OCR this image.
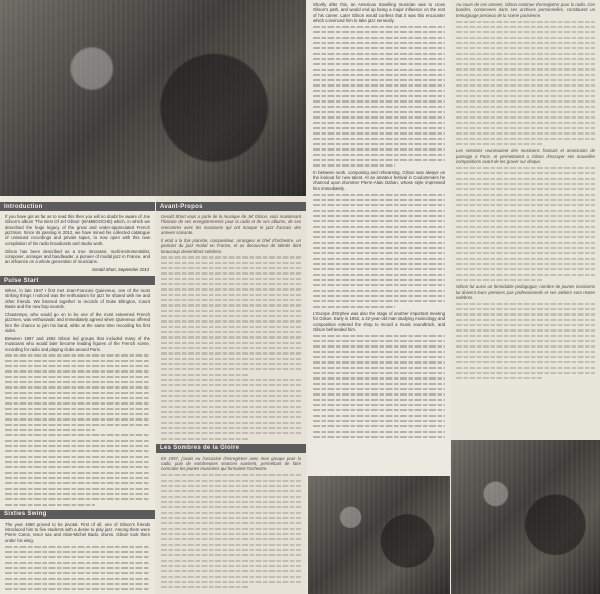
Introduction

If you have got as far as to read this then you will no doubt be aware of Joe Gilson's album 'The Best Of Jef Gilson' (BAMBOOCHE) which, in which we described the huge legacy of the great and under-appreciated French jazzman. Since its passing in 2012, we have mined his collected catalogue of unissued recordings and private tapes, to now open with this new compilation of his radio broadcasts and studio work.

Gilson has been described as a true innovator, multi-instrumentalist, composer, arranger and bandleader, a pioneer of modal jazz in France, and an influence on a whole generation of musicians.

Gerald Short, September 2013
Pulse Start

When, in late 1947 I first met Jean-Francois Quievreux, one of the most striking things I noticed was the enthusiasm for jazz he shared with me and other friends. We listened together to records of Duke Ellington, Count Basie and the new bop sounds.

Chautemps, who would go on to be one of the most esteemed French jazzmen, was enthusiastic and immediately agreed when Quievreux offered him the chance to join his band, while at the same time recording his first sides.

Between 1957 and 1962 Gilson led groups that included many of the musicians who would later become leading figures of the French scene, recording for radio and playing clubs around Paris.

Sixties Swing

The year 1960 proved to be pivotal. First of all, one of Gilson's friends introduced him to five students with a desire to play jazz. Among them were Pierre Caron, tenor sax and Alain-Michel Bado, drums. Gilson took them under his wing.

Avant-Propos

Gerald Short vous a parle de la musique de Jef Gilson, voici maintenant l'histoire de ses enregistrements pour la radio et de ses albums, de ses rencontres avec les musiciens qui ont marque le jazz francais des annees soixante.

Il etait a la fois pianiste, compositeur, arrangeur et chef d'orchestre, un pionnier du jazz modal en France, et un decouvreur de talents dont beaucoup deviendront celebres.

Les Sombres de la Gloire

En 1957, j'avais eu l'occasion d'enregistrer avec mon groupe pour la radio, puis de nombreuses seances suivirent, permettant de faire connaitre les jeunes musiciens qui formaient l'orchestre.

Shortly after this, an American travelling musician was to cross Gilson's path, and would end up being a major influence on the rest of his career. Later Gilson would confess that it was this encounter which convinced him to take jazz seriously.

In between work, composing and rehearsing, Gilson was always on the lookout for new talent. At an amateur festival in Coulommiers he chanced upon drummer Pierre-Alain Dahan, whose style impressed him immediately.

L'Europe d'Orphee was also the stage of another important meeting for Gilson. Early in 1962, a 22-year-old man studying musicology and composition entered the shop to record a music soundtrack, and Gilson befriended him.

Au cours de ces annees, Gilson continue d'enregistrer pour la radio. Ces bandes, conservees dans ses archives personnelles, constituent un temoignage precieux de la scene parisienne.

Les sessions reunissaient des musiciens francais et americains de passage a Paris, et permettaient a Gilson d'essayer ses nouvelles compositions avant de les graver sur disque.

Gilson fut aussi un formidable pedagogue; nombre de jeunes musiciens lui doivent leurs premiers pas professionnels et ses ateliers sont restes celebres.
